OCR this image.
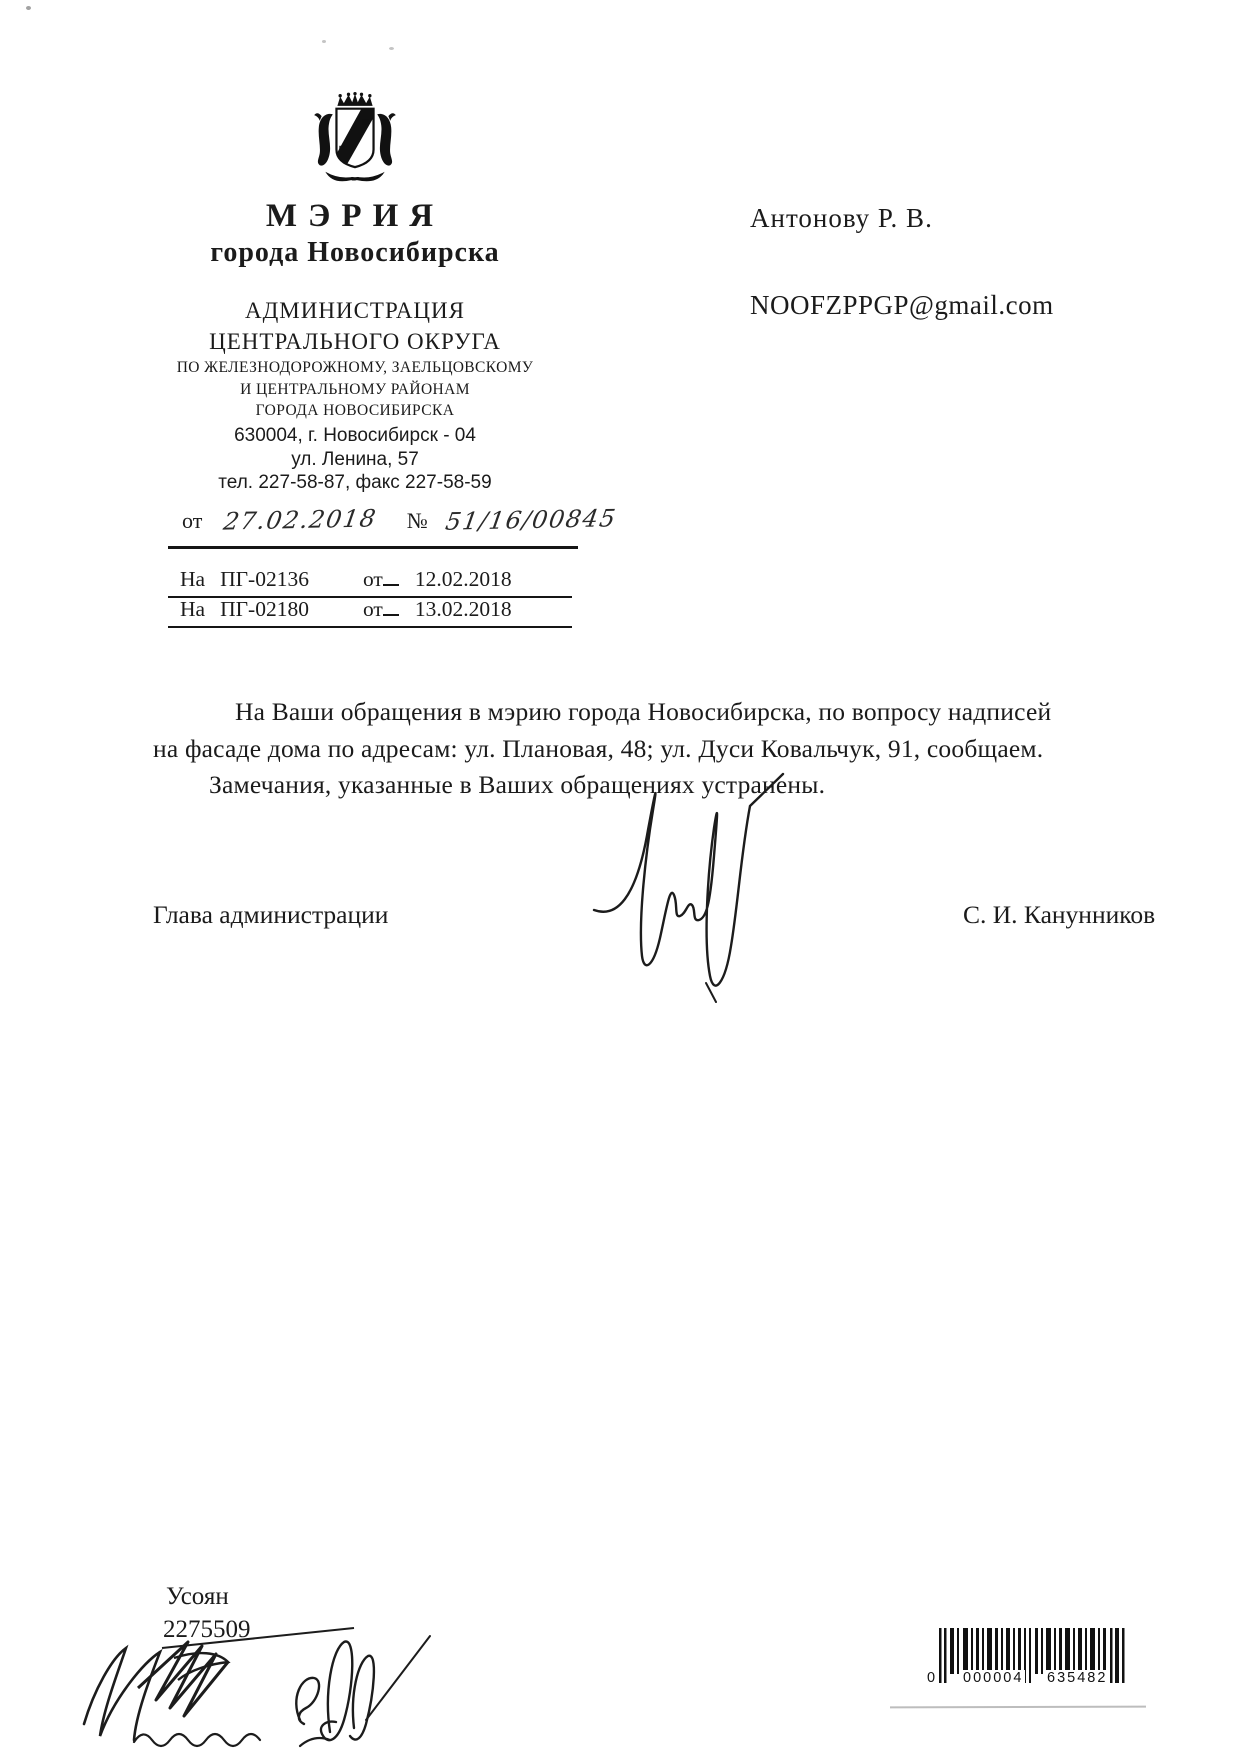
МЭРИЯ
города Новосибирска
АДМИНИСТРАЦИЯ
ЦЕНТРАЛЬНОГО ОКРУГА
ПО ЖЕЛЕЗНОДОРОЖНОМУ, ЗАЕЛЬЦОВСКОМУ
И ЦЕНТРАЛЬНОМУ РАЙОНАМ
ГОРОДА НОВОСИБИРСКА
630004, г. Новосибирск - 04
ул. Ленина, 57
тел. 227-58-87, факс 227-58-59
от 27.02.2018 № 51/16/00845
На ПГ-02136	от 12.02.2018
На ПГ-02180	от 13.02.2018
Антонову Р. В.
NOOFZPPGP@gmail.com
На Ваши обращения в мэрию города Новосибирска, по вопросу надписей
на фасаде дома по адресам: ул. Плановая, 48; ул. Дуси Ковальчук, 91, сообщаем.
Замечания, указанные в Ваших обращениях устранены.
Глава администрации	С. И. Канунников
Усоян
2275509
0 000004 635482
